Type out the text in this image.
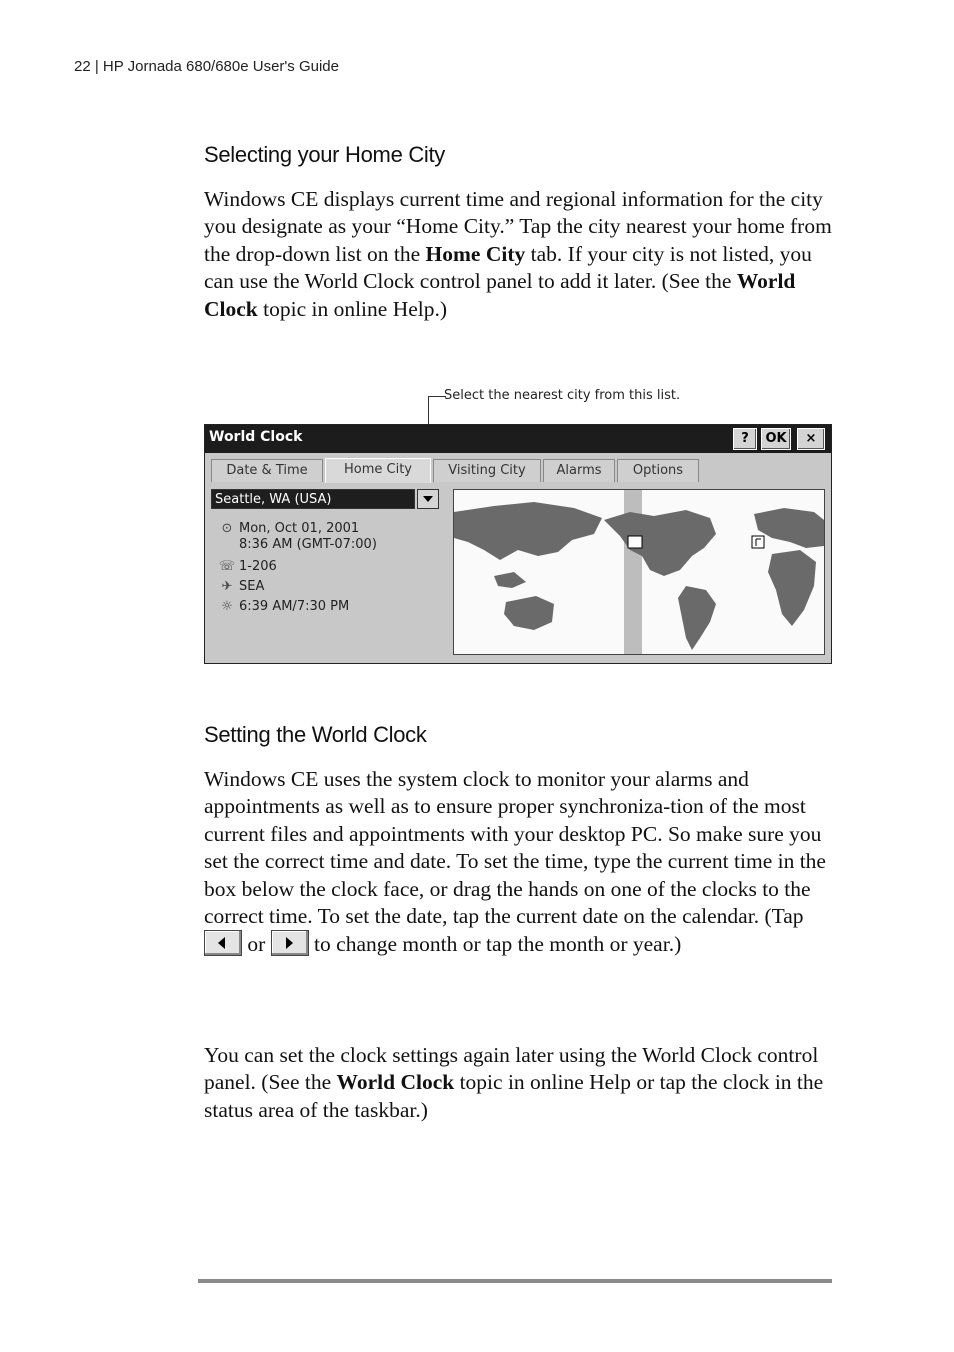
22 | HP Jornada 680/680e User's Guide
Selecting your Home City
Windows CE displays current time and regional information for the city you designate as your “Home City.” Tap the city nearest your home from the drop-down list on the Home City tab. If your city is not listed, you can use the World Clock control panel to add it later. (See the World Clock topic in online Help.)
Select the nearest city from this list.
World Clock	?	OK	×
Date & Time	Home City	Visiting City	Alarms	Options
Seattle, WA (USA)
⊙ Mon, Oct 01, 2001
8:36 AM (GMT-07:00)
☏ 1-206
✈ SEA
☼ 6:39 AM/7:30 PM
Setting the World Clock
Windows CE uses the system clock to monitor your alarms and appointments as well as to ensure proper synchroniza-tion of the most current files and appointments with your desktop PC. So make sure you set the correct time and date. To set the time, type the current time in the box below the clock face, or drag the hands on one of the clocks to the correct time. To set the date, tap the current date on the calendar. (Tap
or
to change month or tap the month or year.)
You can set the clock settings again later using the World Clock control panel. (See the World Clock topic in online Help or tap the clock in the status area of the taskbar.)
